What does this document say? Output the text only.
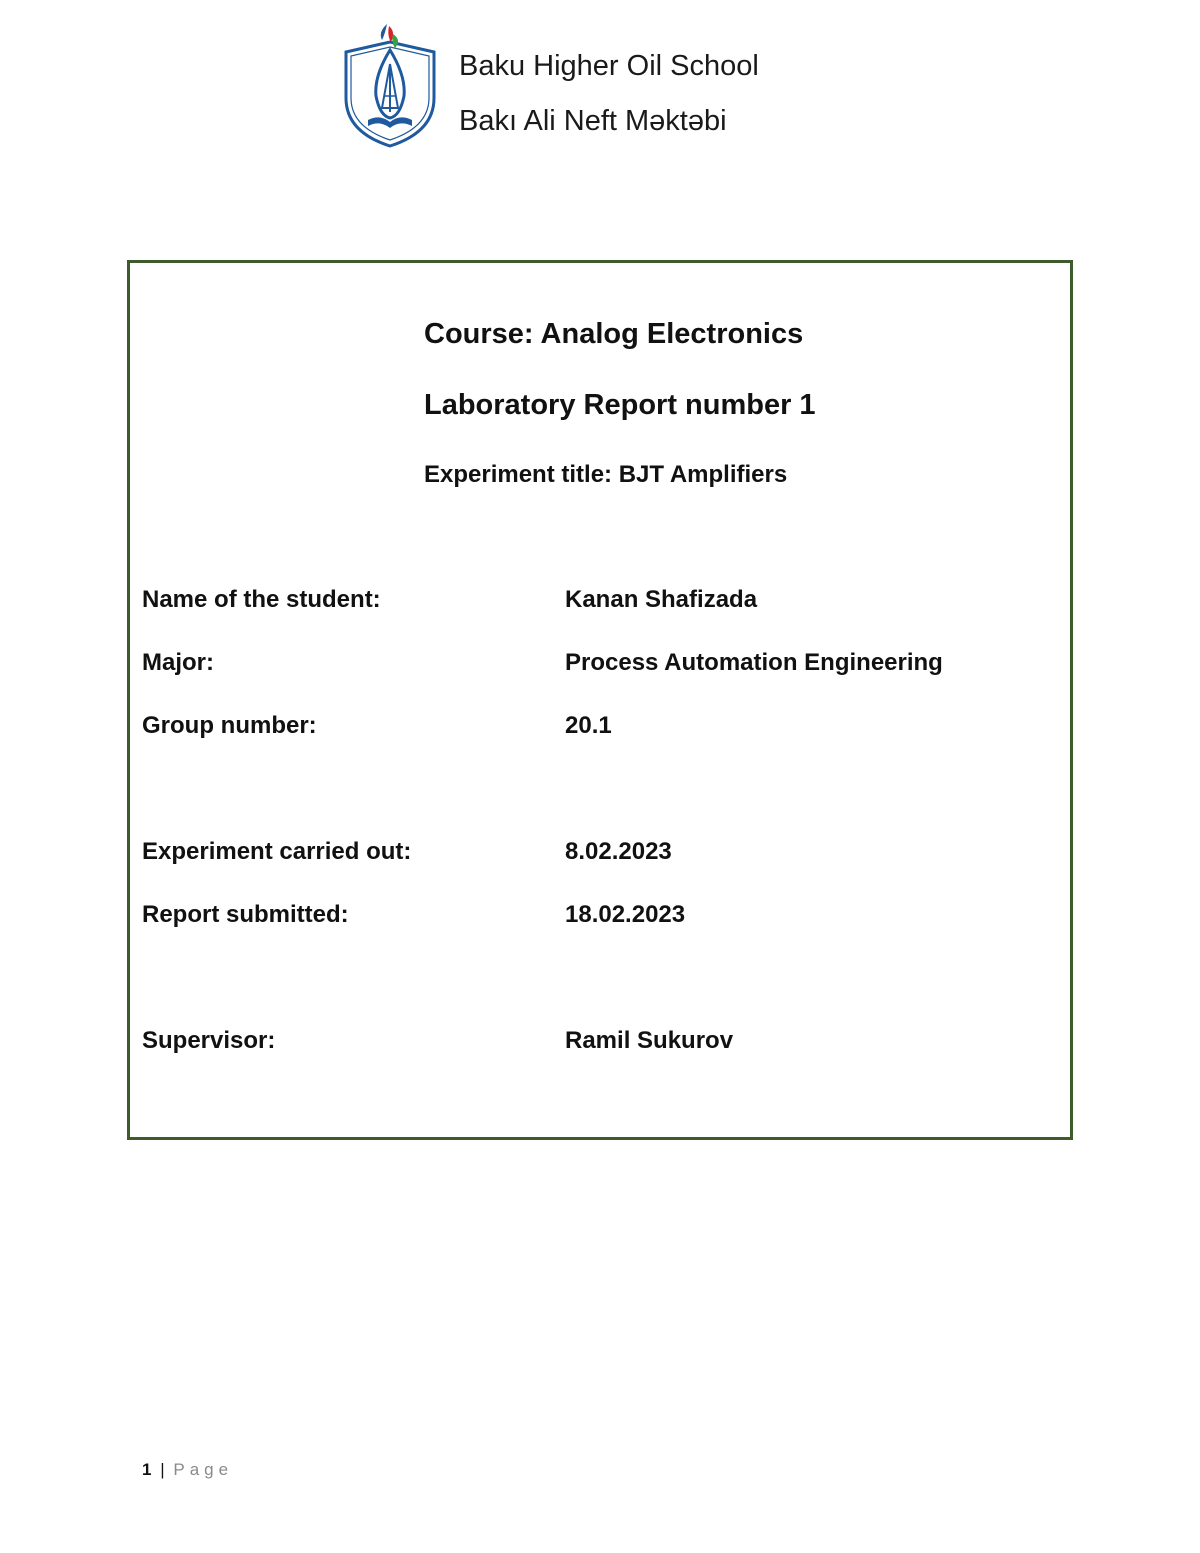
Baku Higher Oil School
Bakı Ali Neft Məktəbi
Course: Analog Electronics
Laboratory Report number 1
Experiment title: BJT Amplifiers
Name of the student:	Kanan Shafizada
Major:	Process Automation Engineering
Group number:	20.1
Experiment carried out:	8.02.2023
Report submitted:	18.02.2023
Supervisor:	Ramil Sukurov
1 | Page
